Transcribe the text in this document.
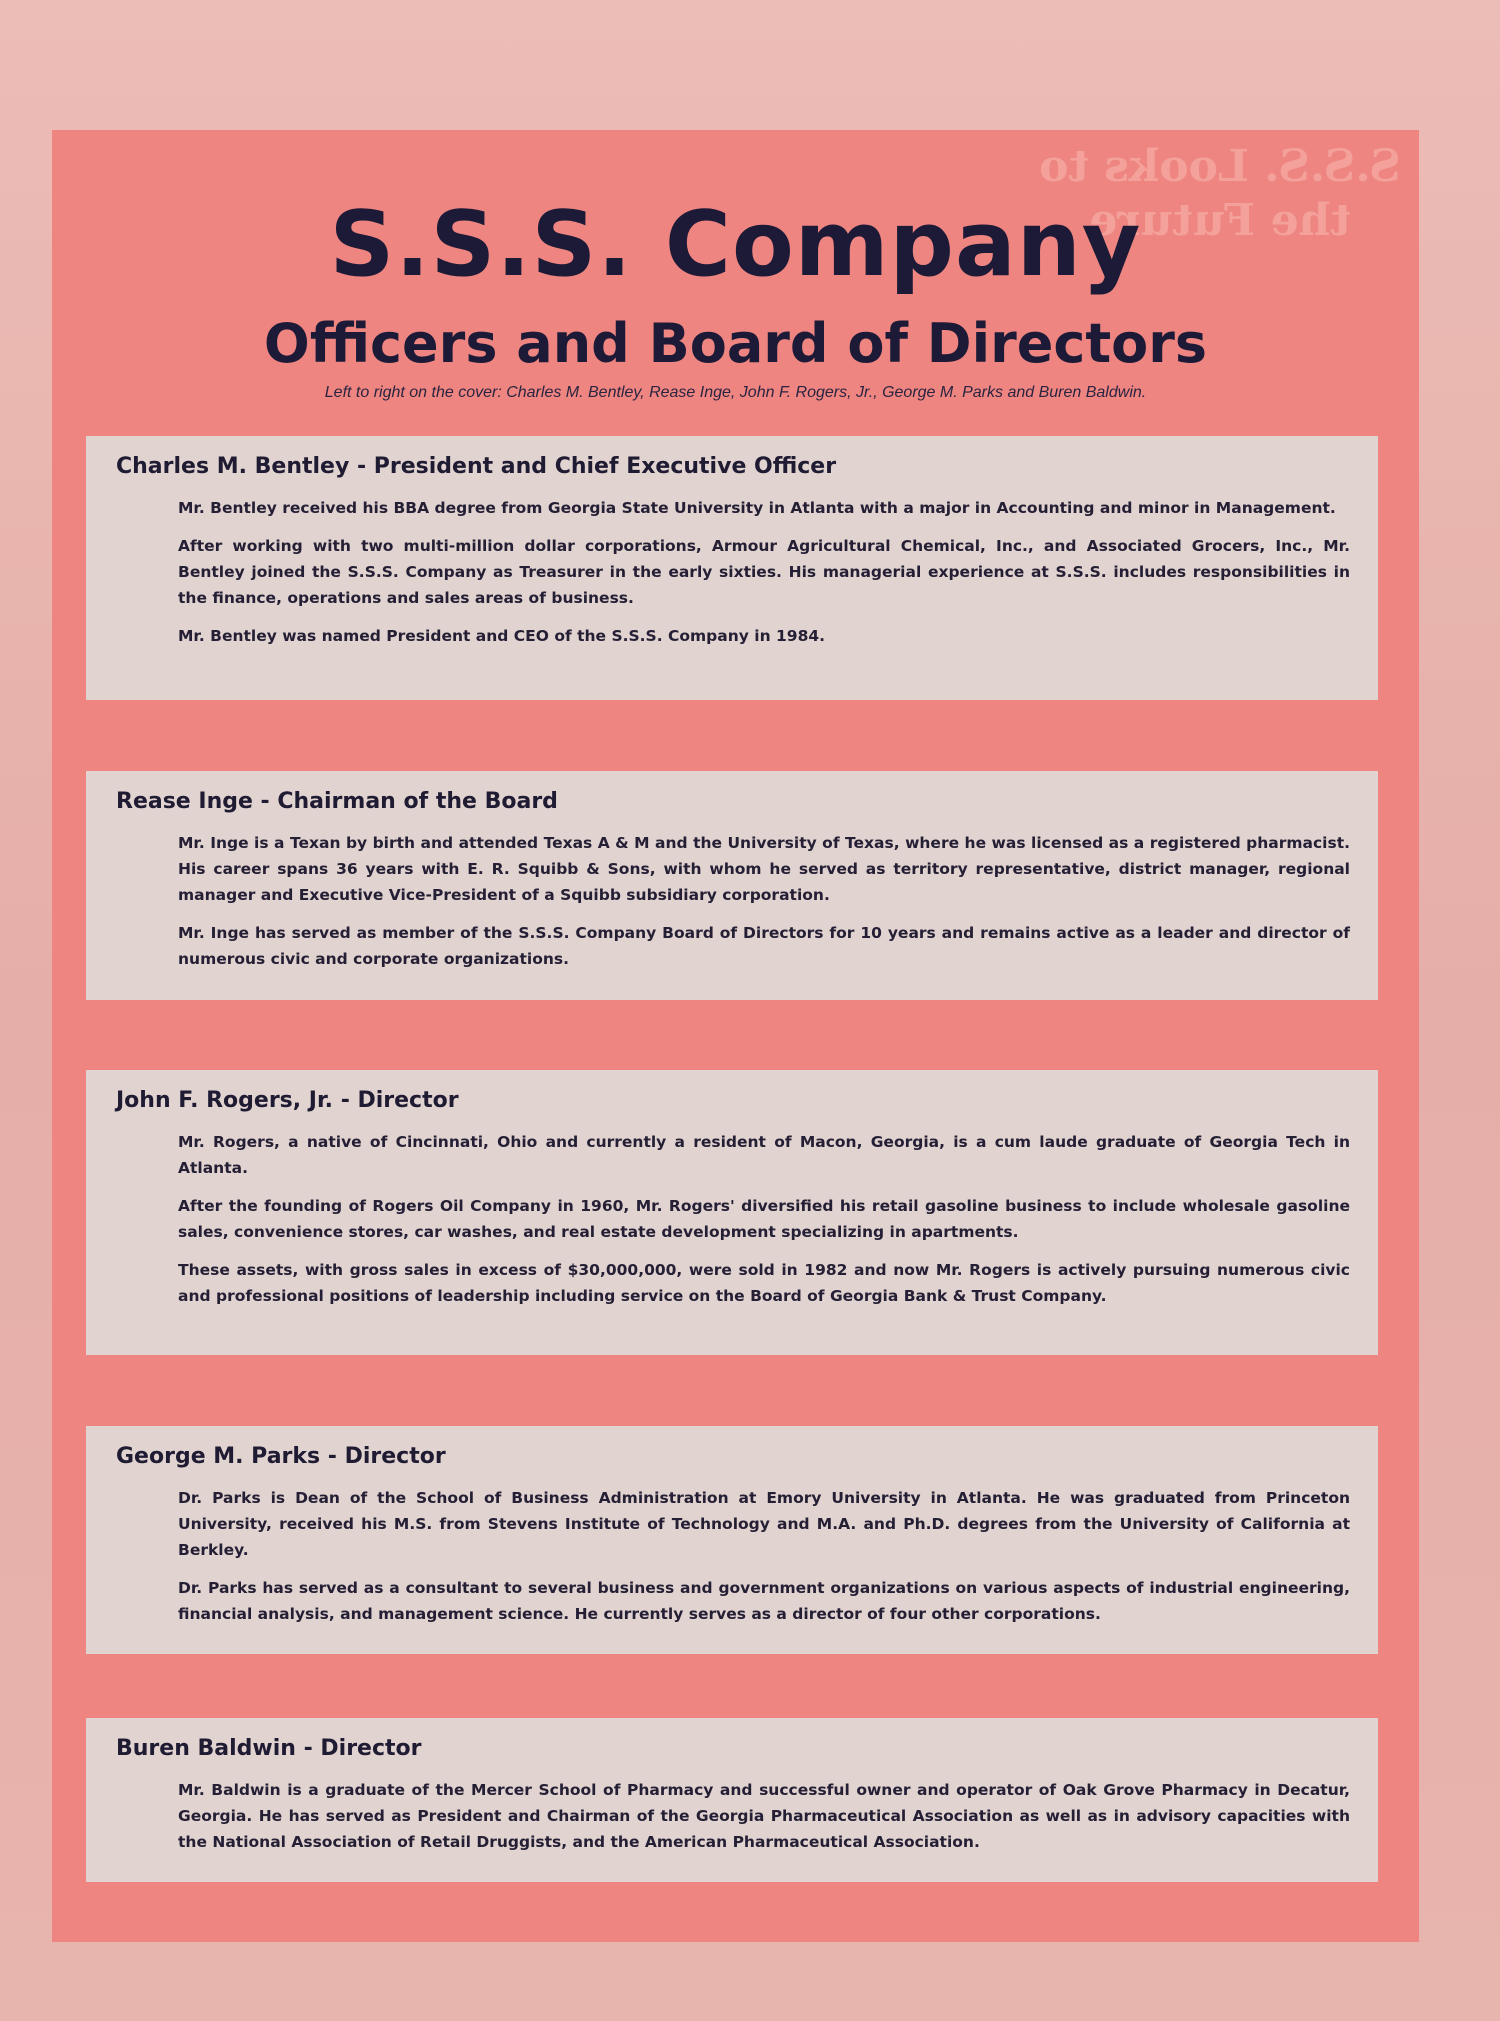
S.S.S. Looks to the Future
S.S.S. Company
Officers and Board of Directors
Left to right on the cover: Charles M. Bentley, Rease Inge, John F. Rogers, Jr., George M. Parks and Buren Baldwin.
Charles M. Bentley - President and Chief Executive Officer

Mr. Bentley received his BBA degree from Georgia State University in Atlanta with a major in Accounting and minor in Management.

After working with two multi-million dollar corporations, Armour Agricultural Chemical, Inc., and Associated Grocers, Inc., Mr. Bentley joined the S.S.S. Company as Treasurer in the early sixties. His managerial experience at S.S.S. includes responsibilities in the finance, operations and sales areas of business.

Mr. Bentley was named President and CEO of the S.S.S. Company in 1984.

Rease Inge - Chairman of the Board

Mr. Inge is a Texan by birth and attended Texas A & M and the University of Texas, where he was licensed as a registered pharmacist. His career spans 36 years with E. R. Squibb & Sons, with whom he served as territory representative, district manager, regional manager and Executive Vice-President of a Squibb subsidiary corporation.

Mr. Inge has served as member of the S.S.S. Company Board of Directors for 10 years and remains active as a leader and director of numerous civic and corporate organizations.

John F. Rogers, Jr. - Director

Mr. Rogers, a native of Cincinnati, Ohio and currently a resident of Macon, Georgia, is a cum laude graduate of Georgia Tech in Atlanta.

After the founding of Rogers Oil Company in 1960, Mr. Rogers' diversified his retail gasoline business to include wholesale gasoline sales, convenience stores, car washes, and real estate development specializing in apartments.

These assets, with gross sales in excess of $30,000,000, were sold in 1982 and now Mr. Rogers is actively pursuing numerous civic and professional positions of leadership including service on the Board of Georgia Bank & Trust Company.

George M. Parks - Director

Dr. Parks is Dean of the School of Business Administration at Emory University in Atlanta. He was graduated from Princeton University, received his M.S. from Stevens Institute of Technology and M.A. and Ph.D. degrees from the University of California at Berkley.

Dr. Parks has served as a consultant to several business and government organizations on various aspects of industrial engineering, financial analysis, and management science. He currently serves as a director of four other corporations.

Buren Baldwin - Director

Mr. Baldwin is a graduate of the Mercer School of Pharmacy and successful owner and operator of Oak Grove Pharmacy in Decatur, Georgia. He has served as President and Chairman of the Georgia Pharmaceutical Association as well as in advisory capacities with the National Association of Retail Druggists, and the American Pharmaceutical Association.
